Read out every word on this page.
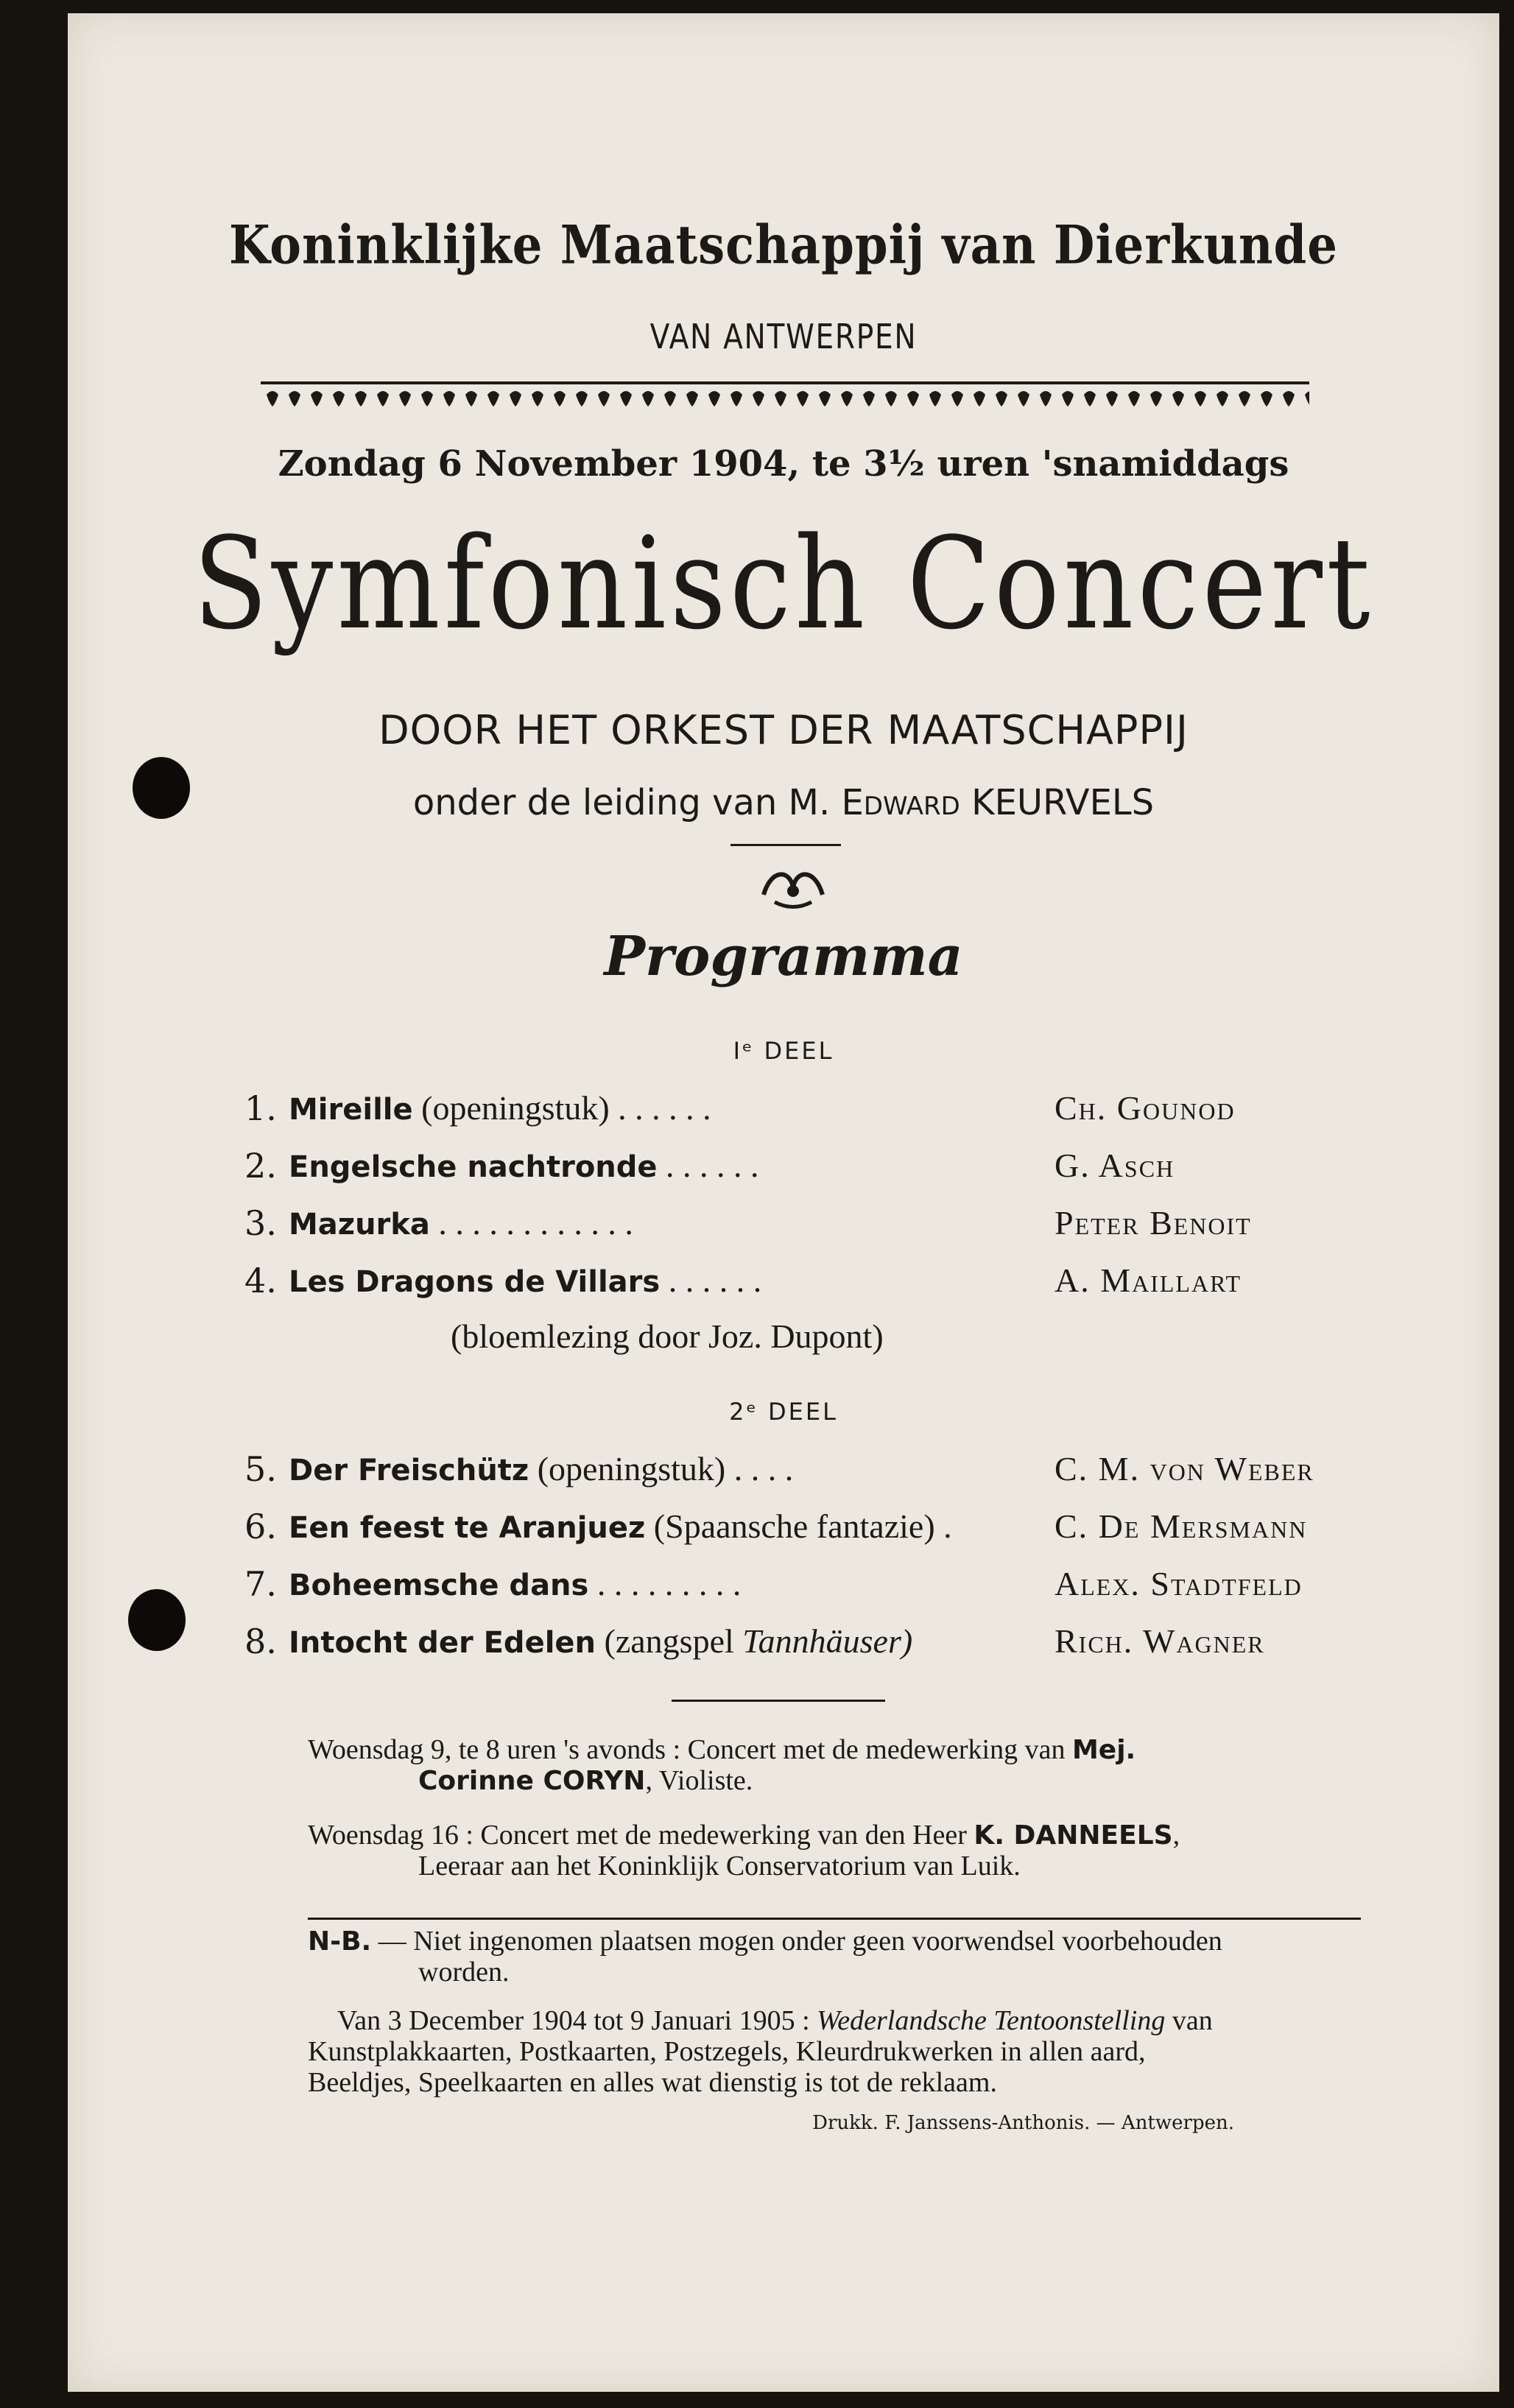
Koninklijke Maatschappij van Dierkunde
VAN ANTWERPEN
Zondag 6 November 1904, te 3½ uren 'snamiddags
Symfonisch Concert
DOOR HET ORKEST DER MAATSCHAPPIJ
onder de leiding van M. Edward KEURVELS
Programma
Iᵉ DEEL
1. Mireille (openingstuk) . . . . . .	Ch. Gounod
2. Engelsche nachtronde . . . . . .	G. Asch
3. Mazurka . . . . . . . . . . . .	Peter Benoit
4. Les Dragons de Villars . . . . . .	A. Maillart
(bloemlezing door Joz. Dupont)
2ᵉ DEEL
5. Der Freischütz (openingstuk) . . . .	C. M. von Weber
6. Een feest te Aranjuez (Spaansche fantazie) .	C. De Mersmann
7. Boheemsche dans . . . . . . . . .	Alex. Stadtfeld
8. Intocht der Edelen (zangspel Tannhäuser)	Rich. Wagner
Woensdag 9, te 8 uren 's avonds : Concert met de medewerking van Mej.
Corinne CORYN, Violiste.
Woensdag 16 : Concert met de medewerking van den Heer K. DANNEELS,
Leeraar aan het Koninklijk Conservatorium van Luik.
N-B. — Niet ingenomen plaatsen mogen onder geen voorwendsel voorbehouden
worden.
Van 3 December 1904 tot 9 Januari 1905 : Wederlandsche Tentoonstelling van
Kunstplakkaarten, Postkaarten, Postzegels, Kleurdrukwerken in allen aard,
Beeldjes, Speelkaarten en alles wat dienstig is tot de reklaam.
Drukk. F. Janssens-Anthonis. — Antwerpen.
